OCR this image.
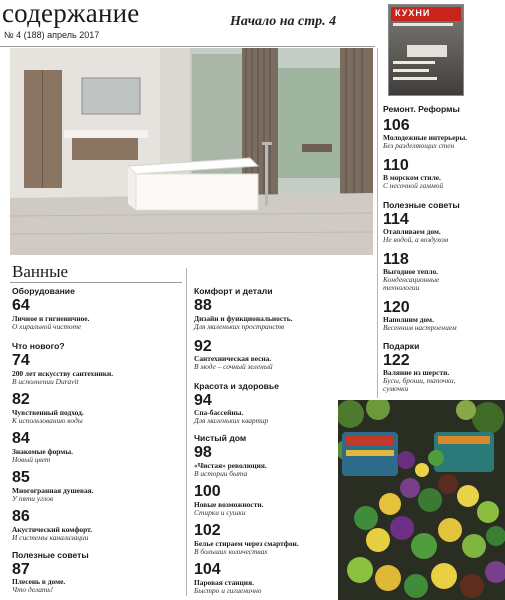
содержание
№ 4 (188) апрель 2017
Начало на стр. 4
КУХНИ
Ванные
Оборудование
64
Личное и гигиеничное.
О хиральной чистоте
Что нового?
74
200 лет искусству сантехники.
В исполнении Duravit
82
Чувственный подход.
К использованию воды
84
Знакомые формы.
Новый цвет
85
Многогранная душевая.
У пяти углов
86
Акустический комфорт.
И системы канализации
Полезные советы
87
Плесень в доме.
Что делать!
Комфорт и детали
88
Дизайн и функциональность.
Для маленьких пространств
92
Сантехническая весна.
В моде – сочный зеленый
Красота и здоровье
94
Спа-бассейны.
Для маленьких квартир
Чистый дом
98
«Чистая» революция.
В истории быта
100
Новые возможности.
Стирки и сушки
102
Белье стираем через смартфон.
В больших количествах
104
Паровая станция.
Быстро и гигиенично
Ремонт. Реформы
106
Молодежные интерьеры.
Без разделяющих стен
110
В морском стиле.
С несочной гаммой
Полезные советы
114
Отапливаем дом.
Не водой, а воздухом
118
Выгодное тепло.
Конденсационные
технологии
120
Наполним дом.
Весенним настроением
Подарки
122
Валяние из шерсти.
Бусы, броши, тапочки,
сумочки
